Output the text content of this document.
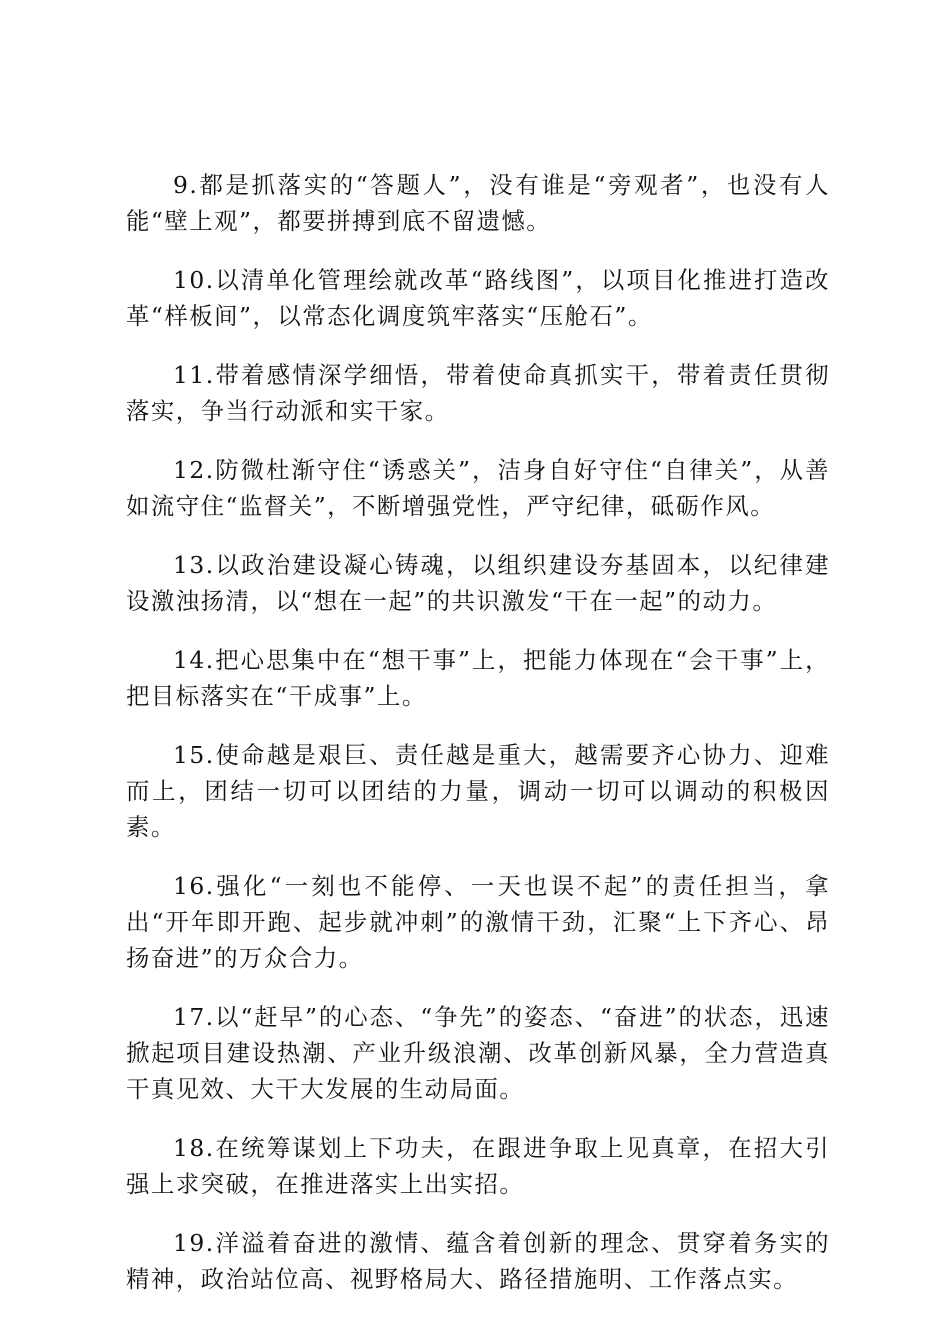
9.都是抓落实的“答题人”，没有谁是“旁观者”，也没有人能“壁上观”，都要拼搏到底不留遗憾。

10.以清单化管理绘就改革“路线图”，以项目化推进打造改革“样板间”，以常态化调度筑牢落实“压舱石”。

11.带着感情深学细悟，带着使命真抓实干，带着责任贯彻落实，争当行动派和实干家。

12.防微杜渐守住“诱惑关”，洁身自好守住“自律关”，从善如流守住“监督关”，不断增强党性，严守纪律，砥砺作风。

13.以政治建设凝心铸魂，以组织建设夯基固本，以纪律建设激浊扬清，以“想在一起”的共识激发“干在一起”的动力。

14.把心思集中在“想干事”上，把能力体现在“会干事”上，把目标落实在“干成事”上。

15.使命越是艰巨、责任越是重大，越需要齐心协力、迎难而上，团结一切可以团结的力量，调动一切可以调动的积极因素。

16.强化“一刻也不能停、一天也误不起”的责任担当，拿出“开年即开跑、起步就冲刺”的激情干劲，汇聚“上下齐心、昂扬奋进”的万众合力。

17.以“赶早”的心态、“争先”的姿态、“奋进”的状态，迅速掀起项目建设热潮、产业升级浪潮、改革创新风暴，全力营造真干真见效、大干大发展的生动局面。

18.在统筹谋划上下功夫，在跟进争取上见真章，在招大引强上求突破，在推进落实上出实招。

19.洋溢着奋进的激情、蕴含着创新的理念、贯穿着务实的精神，政治站位高、视野格局大、路径措施明、工作落点实。
